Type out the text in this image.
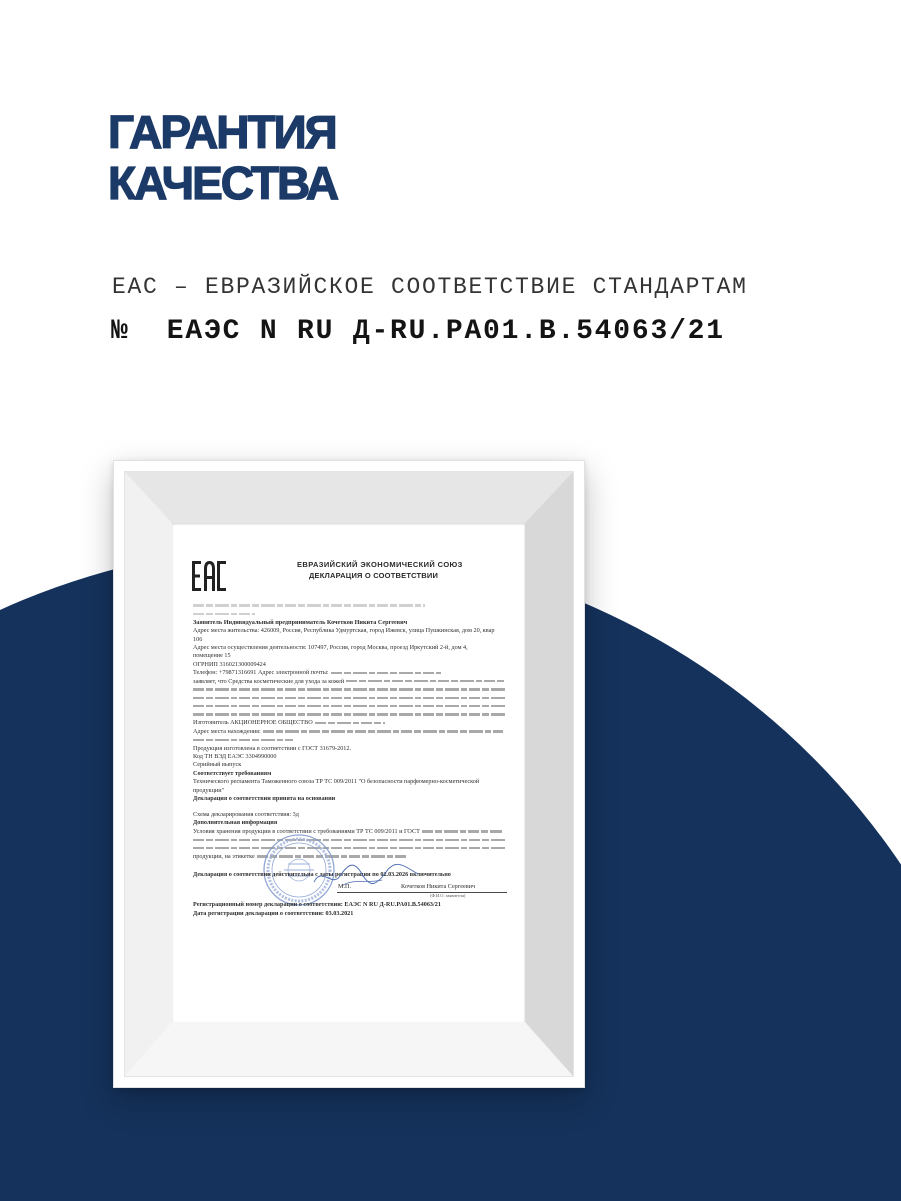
ГАРАНТИЯ
КАЧЕСТВА
EAC – ЕВРАЗИЙСКОЕ СООТВЕТСТВИЕ СТАНДАРТАМ
№  ЕАЭС N RU Д-RU.PA01.B.54063/21
ЕВРАЗИЙСКИЙ ЭКОНОМИЧЕСКИЙ СОЮЗ
ДЕКЛАРАЦИЯ О СООТВЕТСТВИИ
Заявитель Индивидуальный предприниматель Кочетков Никита Сергеевич
Адрес места жительства: 426009, Россия, Республика Удмуртская, город Ижевск, улица Пушкинская, дом 20, квар
106
Адрес места осуществления деятельности: 107497, Россия, город Москва, проезд Иркутский 2-й, дом 4,
помещение 15
ОГРНИП 316021300009424
Телефон: +79871316691 Адрес электронной почты:
заявляет, что Средства косметические для ухода за кожей
Изготовитель АКЦИОНЕРНОЕ ОБЩЕСТВО
Адрес места нахождения:
Продукция изготовлена в соответствии с ГОСТ 31679-2012.
Код ТН ВЭД ЕАЭС 3304990000
Серийный выпуск
Соответствует требованиям
Технического регламента Таможенного союза ТР ТС 009/2011 "О безопасности парфюмерно-косметической
продукции"
Декларация о соответствии принята на основании
Схема декларирования соответствия: 3д
Дополнительная информация
Условия хранения продукции в соответствии с требованиями ТР ТС 009/2011 и ГОСТ
продукции, на этикетке
Декларация о соответствии действительна с даты регистрации по 02.03.2026 включительно
М.П.	Кочетков Никита Сергеевич
(Ф.И.О. заявителя)
Регистрационный номер декларации о соответствии: ЕАЭС N RU Д-RU.PA01.B.54063/21
Дата регистрации декларации о соответствии: 03.03.2021
